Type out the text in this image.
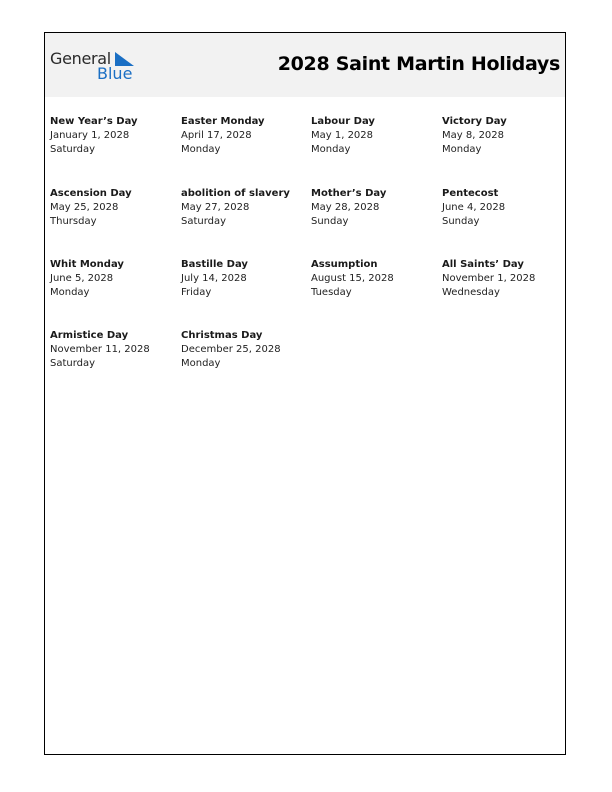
General
Blue	2028 Saint Martin Holidays
New Year’s Day
January 1, 2028
Saturday
Easter Monday
April 17, 2028
Monday
Labour Day
May 1, 2028
Monday
Victory Day
May 8, 2028
Monday
Ascension Day
May 25, 2028
Thursday
abolition of slavery
May 27, 2028
Saturday
Mother’s Day
May 28, 2028
Sunday
Pentecost
June 4, 2028
Sunday
Whit Monday
June 5, 2028
Monday
Bastille Day
July 14, 2028
Friday
Assumption
August 15, 2028
Tuesday
All Saints’ Day
November 1, 2028
Wednesday
Armistice Day
November 11, 2028
Saturday
Christmas Day
December 25, 2028
Monday
